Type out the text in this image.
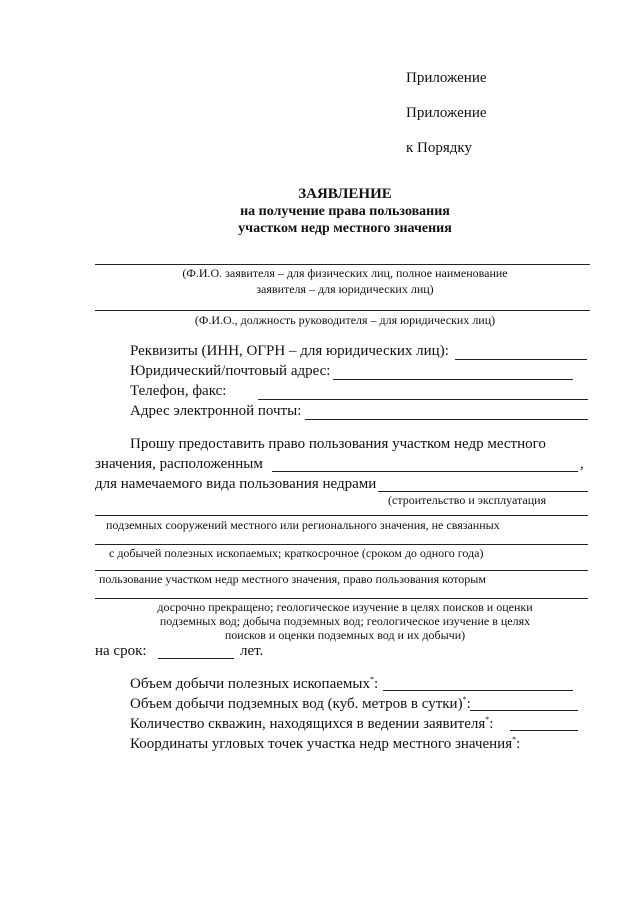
Приложение
Приложение
к Порядку
ЗАЯВЛЕНИЕ
на получение права пользования
участком недр местного значения
(Ф.И.О. заявителя – для физических лиц, полное наименование
заявителя – для юридических лиц)
(Ф.И.О., должность руководителя – для юридических лиц)
Реквизиты (ИНН, ОГРН – для юридических лиц):
Юридический/почтовый адрес:
Телефон, факс:
Адрес электронной почты:
Прошу предоставить право пользования участком недр местного
значения, расположенным	,
для намечаемого вида пользования недрами
(строительство и эксплуатация
подземных сооружений местного или регионального значения, не связанных
с добычей полезных ископаемых; краткосрочное (сроком до одного года)
пользование участком недр местного значения, право пользования которым
досрочно прекращено; геологическое изучение в целях поисков и оценки
подземных вод; добыча подземных вод; геологическое изучение в целях
поисков и оценки подземных вод и их добычи)
на срок:	лет.
Объем добычи полезных ископаемых*:
Объем добычи подземных вод (куб. метров в сутки)*:
Количество скважин, находящихся в ведении заявителя*:
Координаты угловых точек участка недр местного значения*:
